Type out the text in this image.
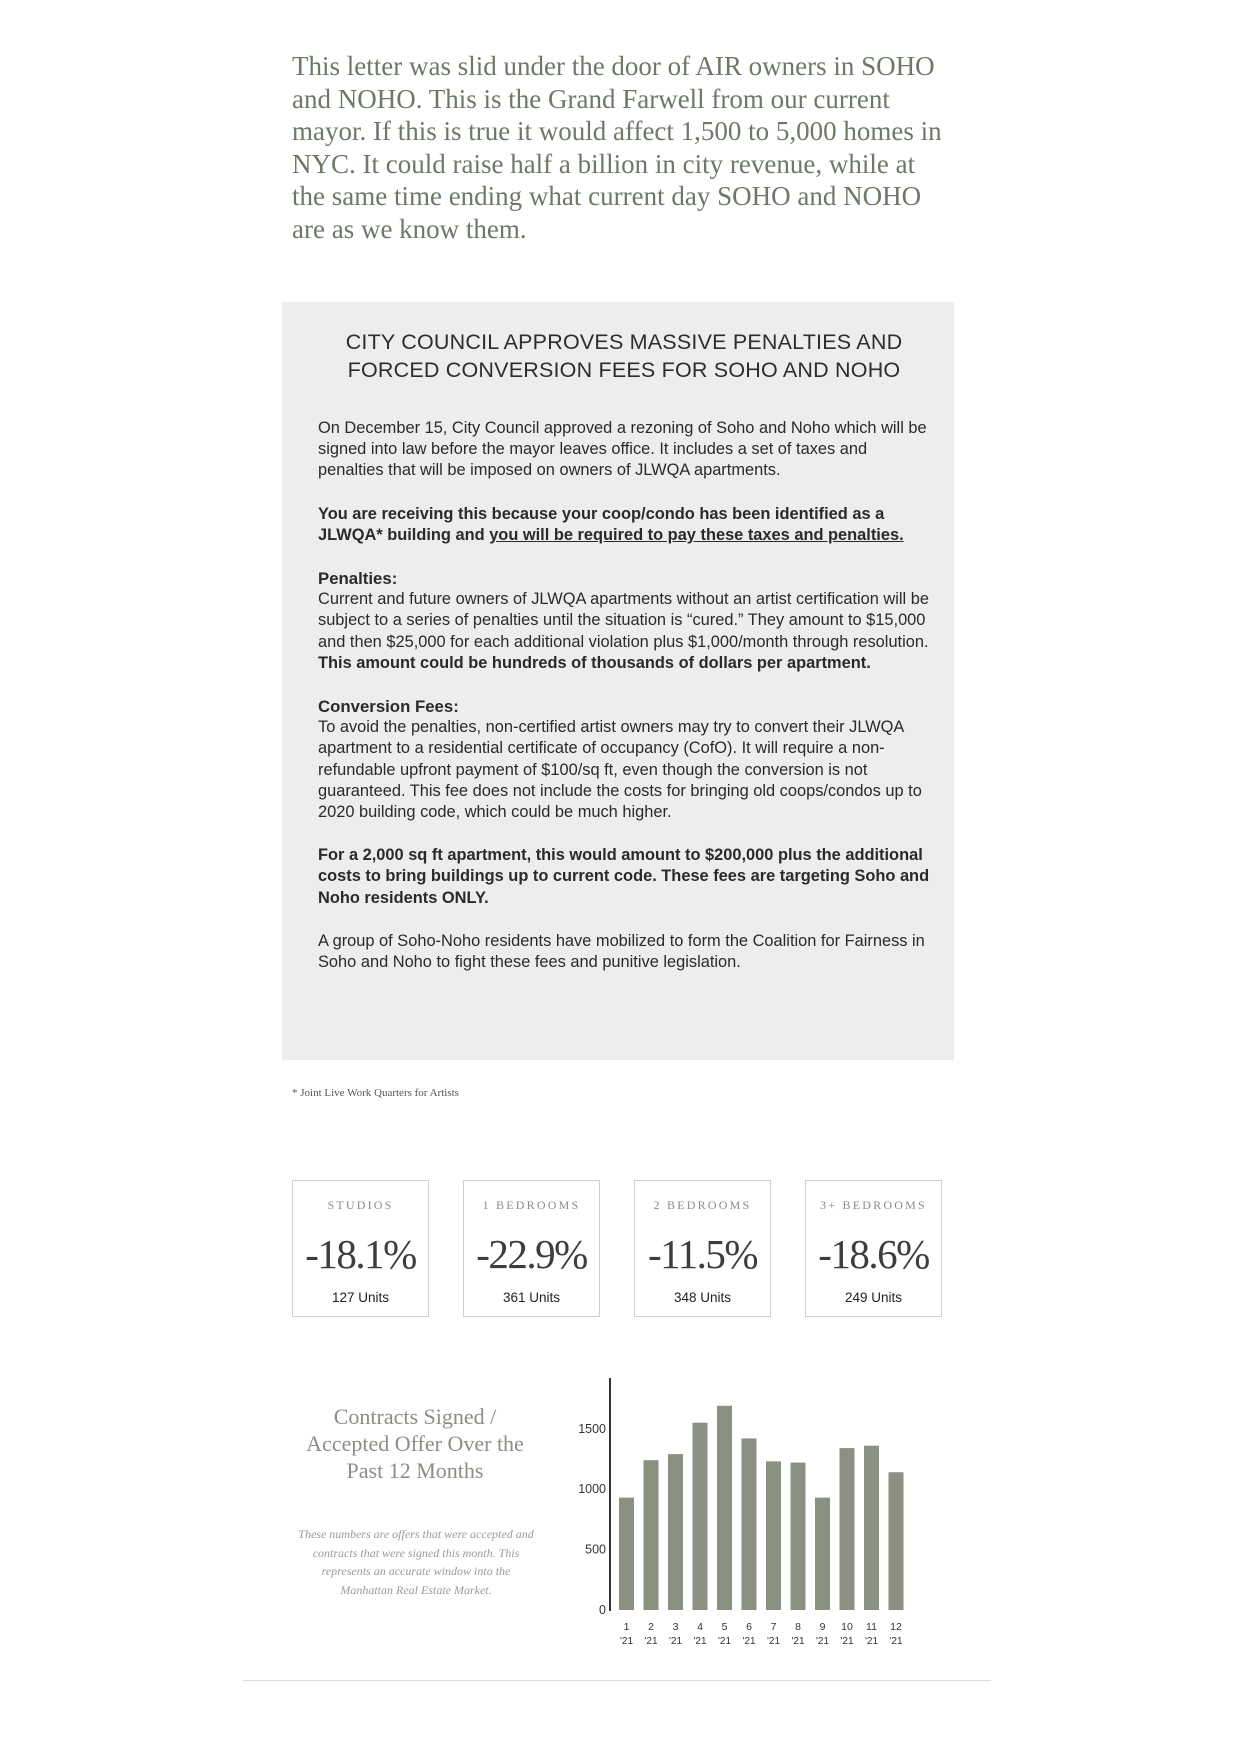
This letter was slid under the door of AIR owners in SOHO and NOHO. This is the Grand Farwell from our current mayor. If this is true it would affect 1,500 to 5,000 homes in NYC. It could raise half a billion in city revenue, while at the same time ending what current day SOHO and NOHO are as we know them.

CITY COUNCIL APPROVES MASSIVE PENALTIES AND
FORCED CONVERSION FEES FOR SOHO AND NOHO

On December 15, City Council approved a rezoning of Soho and Noho which will be signed into law before the mayor leaves office. It includes a set of taxes and penalties that will be imposed on owners of JLWQA apartments.

You are receiving this because your coop/condo has been identified as a JLWQA* building and you will be required to pay these taxes and penalties.

Penalties:
Current and future owners of JLWQA apartments without an artist certification will be subject to a series of penalties until the situation is “cured.” They amount to $15,000 and then $25,000 for each additional violation plus $1,000/month through resolution. This amount could be hundreds of thousands of dollars per apartment.

Conversion Fees:
To avoid the penalties, non-certified artist owners may try to convert their JLWQA apartment to a residential certificate of occupancy (CofO). It will require a non-refundable upfront payment of $100/sq ft, even though the conversion is not guaranteed. This fee does not include the costs for bringing old coops/condos up to 2020 building code, which could be much higher.

For a 2,000 sq ft apartment, this would amount to $200,000 plus the additional costs to bring buildings up to current code. These fees are targeting Soho and Noho residents ONLY.

A group of Soho-Noho residents have mobilized to form the Coalition for Fairness in Soho and Noho to fight these fees and punitive legislation.

* Joint Live Work Quarters for Artists
STUDIOS
-18.1%
127 Units
1 BEDROOMS
-22.9%
361 Units
2 BEDROOMS
-11.5%
348 Units
3+ BEDROOMS
-18.6%
249 Units
Contracts Signed / Accepted Offer Over the Past 12 Months
These numbers are offers that were accepted and contracts that were signed this month. This represents an accurate window into the Manhattan Real Estate Market.
0
500
1000
1500
1
'21
2
'21
3
'21
4
'21
5
'21
6
'21
7
'21
8
'21
9
'21
10
'21
11
'21
12
'21
